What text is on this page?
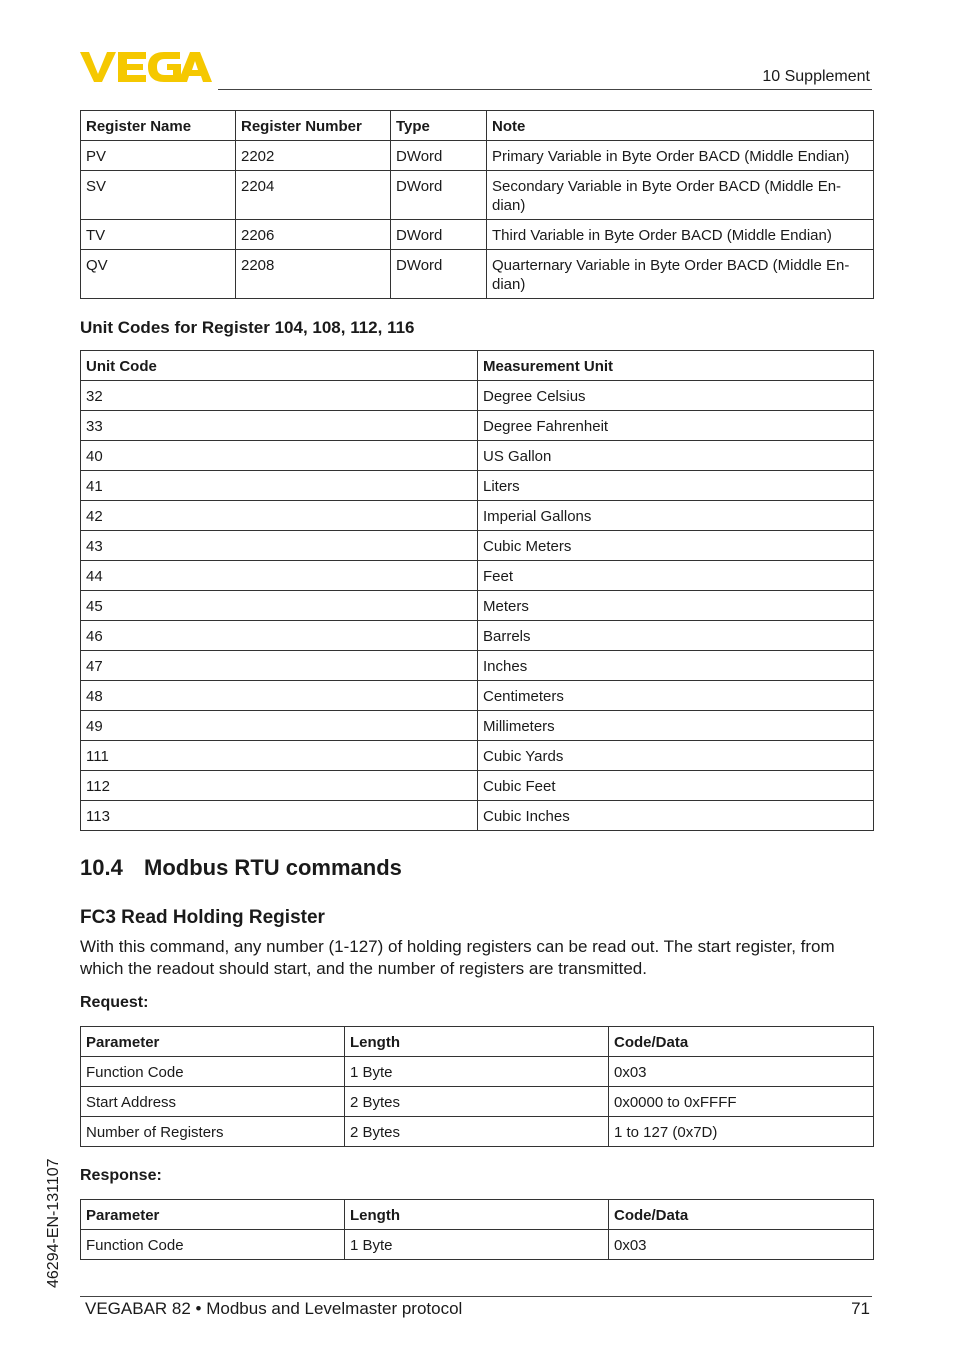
10 Supplement
Register Name	Register Number	Type	Note
PV	2202	DWord	Primary Variable in Byte Order BACD (Middle Endian)
SV	2204	DWord	Secondary Variable in Byte Order BACD (Middle En-dian)
TV	2206	DWord	Third Variable in Byte Order BACD (Middle Endian)
QV	2208	DWord	Quarternary Variable in Byte Order BACD (Middle En-dian)
Unit Codes for Register 104, 108, 112, 116
Unit Code	Measurement Unit
32	Degree Celsius
33	Degree Fahrenheit
40	US Gallon
41	Liters
42	Imperial Gallons
43	Cubic Meters
44	Feet
45	Meters
46	Barrels
47	Inches
48	Centimeters
49	Millimeters
111	Cubic Yards
112	Cubic Feet
113	Cubic Inches
10.4 Modbus RTU commands
FC3 Read Holding Register
With this command, any number (1-127) of holding registers can be read out. The start register, from which the readout should start, and the number of registers are transmitted.
Request:
Parameter	Length	Code/Data
Function Code	1 Byte	0x03
Start Address	2 Bytes	0x0000 to 0xFFFF
Number of Registers	2 Bytes	1 to 127 (0x7D)
Response:
Parameter	Length	Code/Data
Function Code	1 Byte	0x03
46294-EN-131107
VEGABAR 82 • Modbus and Levelmaster protocol	71
